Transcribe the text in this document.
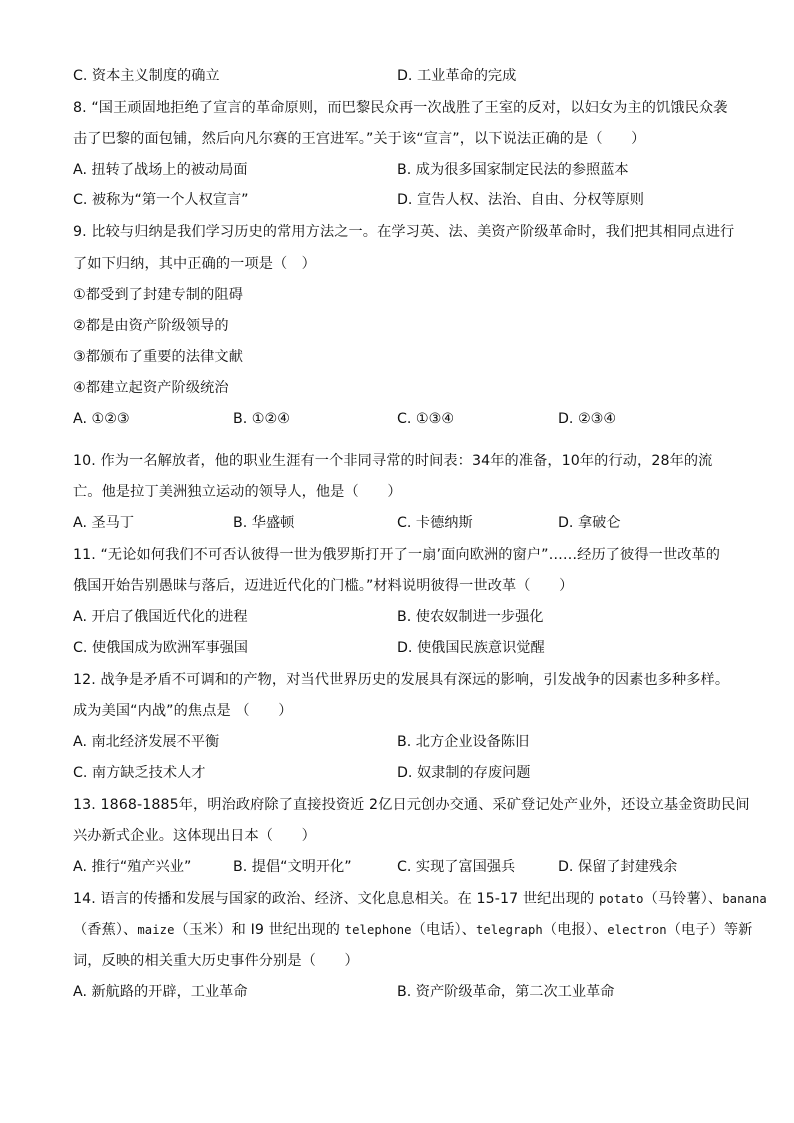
C. 资本主义制度的确立	D. 工业革命的完成
8. “国王顽固地拒绝了宣言的革命原则，而巴黎民众再一次战胜了王室的反对，以妇女为主的饥饿民众袭
击了巴黎的面包铺，然后向凡尔赛的王宫进军。”关于该“宣言”，以下说法正确的是（　　）
A. 扭转了战场上的被动局面	B. 成为很多国家制定民法的参照蓝本
C. 被称为“第一个人权宣言”	D. 宣告人权、法治、自由、分权等原则
9. 比较与归纳是我们学习历史的常用方法之一。在学习英、法、美资产阶级革命时，我们把其相同点进行
了如下归纳，其中正确的一项是（　）
①都受到了封建专制的阻碍
②都是由资产阶级领导的
③都颁布了重要的法律文献
④都建立起资产阶级统治
A. ①②③	B. ①②④	C. ①③④	D. ②③④
10. 作为一名解放者，他的职业生涯有一个非同寻常的时间表：34年的准备，10年的行动，28年的流
亡。他是拉丁美洲独立运动的领导人，他是（　　）
A. 圣马丁	B. 华盛顿	C. 卡德纳斯	D. 拿破仑
11. “无论如何我们不可否认彼得一世为俄罗斯打开了一扇’面向欧洲的窗户”……经历了彼得一世改革的
俄国开始告别愚昧与落后，迈进近代化的门槛。”材料说明彼得一世改革（　　）
A. 开启了俄国近代化的进程	B. 使农奴制进一步强化
C. 使俄国成为欧洲军事强国	D. 使俄国民族意识觉醒
12. 战争是矛盾不可调和的产物，对当代世界历史的发展具有深远的影响，引发战争的因素也多种多样。
成为美国“内战”的焦点是 （　　）
A. 南北经济发展不平衡	B. 北方企业设备陈旧
C. 南方缺乏技术人才	D. 奴隶制的存废问题
13. 1868-1885年，明治政府除了直接投资近 2亿日元创办交通、采矿登记处产业外，还设立基金资助民间
兴办新式企业。这体现出日本（　　）
A. 推行“殖产兴业”	B. 提倡“文明开化”	C. 实现了富国强兵	D. 保留了封建残余
14. 语言的传播和发展与国家的政治、经济、文化息息相关。在 15-17 世纪出现的 potato（马铃薯）、banana
（香蕉）、maize（玉米）和 I9 世纪出现的 telephone（电话）、telegraph（电报）、electron（电子）等新
词，反映的相关重大历史事件分别是（　　）
A. 新航路的开辟，工业革命	B. 资产阶级革命，第二次工业革命
